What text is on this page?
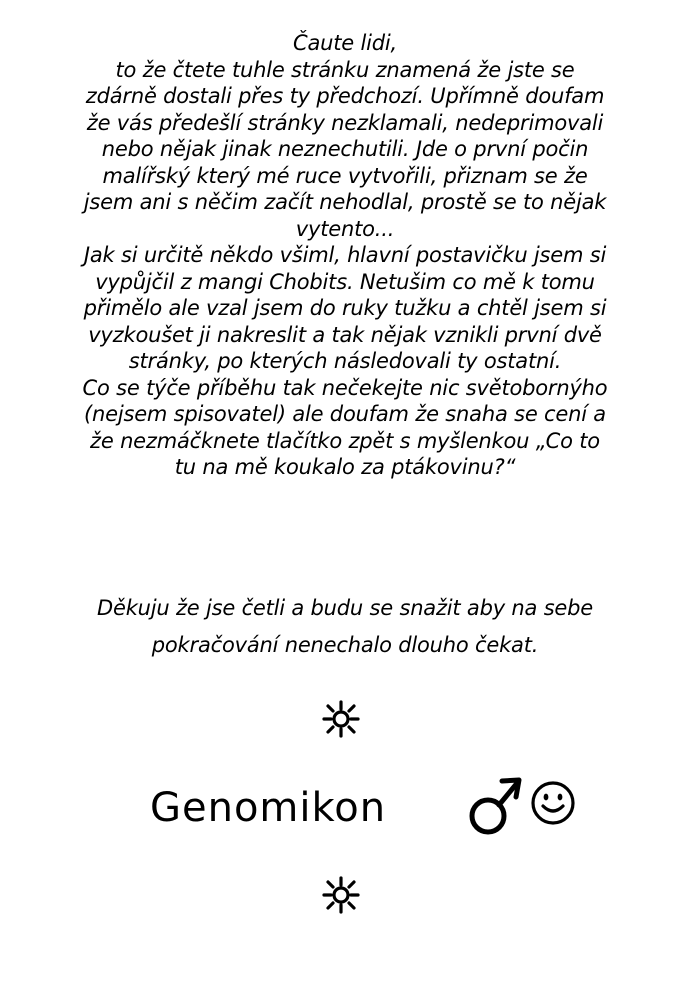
Čaute lidi,
to že čtete tuhle stránku znamená že jste se
zdárně dostali přes ty předchozí. Upřímně doufam
že vás předešlí stránky nezklamali, nedeprimovali
nebo nějak jinak neznechutili. Jde o první počin
malířský který mé ruce vytvořili, přiznam se že
jsem ani s něčim začít nehodlal, prostě se to nějak
vytento...
Jak si určitě někdo všiml, hlavní postavičku jsem si
vypůjčil z mangi Chobits. Netušim co mě k tomu
přimělo ale vzal jsem do ruky tužku a chtěl jsem si
vyzkoušet ji nakreslit a tak nějak vznikli první dvě
stránky, po kterých následovali ty ostatní.
Co se týče příběhu tak nečekejte nic světobornýho
(nejsem spisovatel) ale doufam že snaha se cení a
že nezmáčknete tlačítko zpět s myšlenkou „Co to
tu na mě koukalo za ptákovinu?“
Děkuju že jse četli a budu se snažit aby na sebe
pokračování nenechalo dlouho čekat.
Genomikon
